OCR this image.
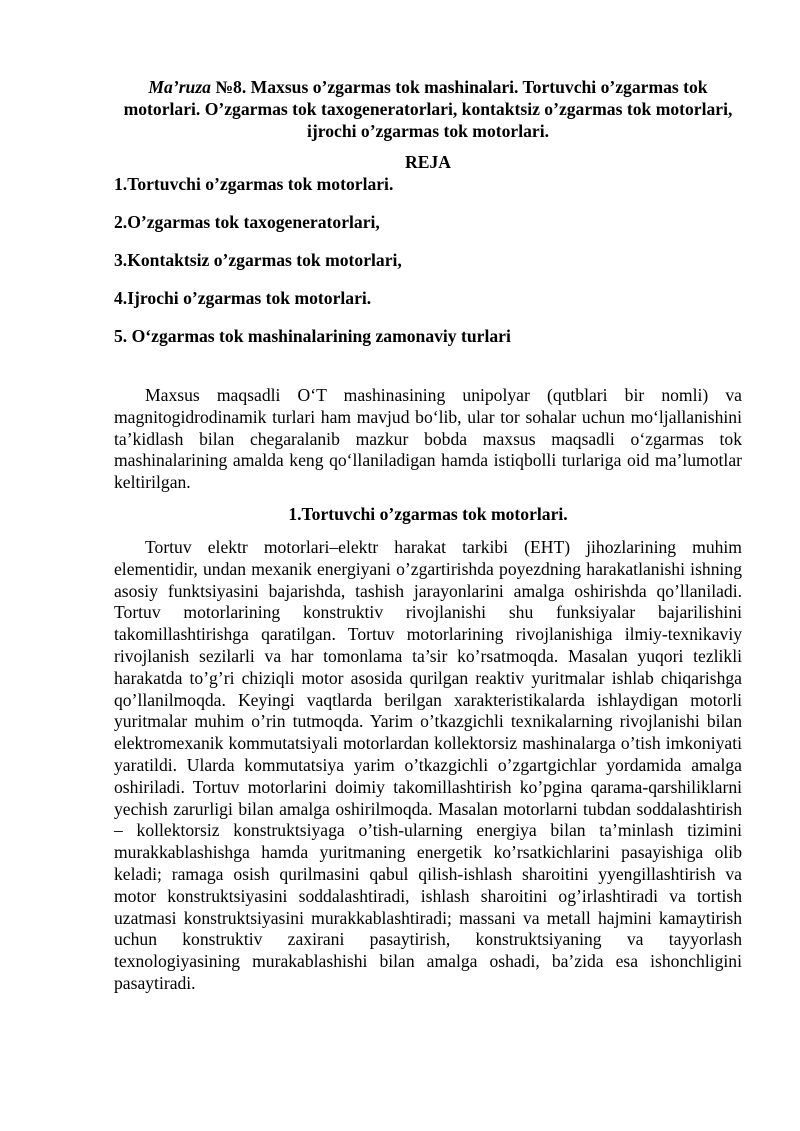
Ma’ruza №8. Maxsus o’zgarmas tok mashinalari. Tortuvchi o’zgarmas tok motorlari. O’zgarmas tok taxogeneratorlari, kontaktsiz o’zgarmas tok motorlari, ijrochi o’zgarmas tok motorlari.

REJA

1.Tortuvchi o’zgarmas tok motorlari.
2.O’zgarmas tok taxogeneratorlari,
3.Kontaktsiz o’zgarmas tok motorlari,
4.Ijrochi o’zgarmas tok motorlari.
5. O‘zgarmas tok mashinalarining zamonaviy turlari

Maxsus maqsadli O‘T mashinasining unipolyar (qutblari bir nomli) va magnitogidrodinamik turlari ham mavjud bo‘lib, ular tor sohalar uchun mo‘ljallanishini ta’kidlash bilan chegaralanib mazkur bobda maxsus maqsadli o‘zgarmas tok mashinalarining amalda keng qo‘llaniladigan hamda istiqbolli turlariga oid ma’lumotlar keltirilgan.

1.Tortuvchi o’zgarmas tok motorlari.

Tortuv elektr motorlari–elektr harakat tarkibi (EHT) jihozlarining muhim elementidir, undan mexanik energiyani o’zgartirishda poyezdning harakatlanishi ishning asosiy funktsiyasini bajarishda, tashish jarayonlarini amalga oshirishda qo’llaniladi. Tortuv motorlarining konstruktiv rivojlanishi shu funksiyalar bajarilishini takomillashtirishga qaratilgan. Tortuv motorlarining rivojlanishiga ilmiy-texnikaviy rivojlanish sezilarli va har tomonlama ta’sir ko’rsatmoqda. Masalan yuqori tezlikli harakatda to’g’ri chiziqli motor asosida qurilgan reaktiv yuritmalar ishlab chiqarishga qo’llanilmoqda. Keyingi vaqtlarda berilgan xarakteristikalarda ishlaydigan motorli yuritmalar muhim o’rin tutmoqda. Yarim o’tkazgichli texnikalarning rivojlanishi bilan elektromexanik kommutatsiyali motorlardan kollektorsiz mashinalarga o’tish imkoniyati yaratildi. Ularda kommutatsiya yarim o’tkazgichli o’zgartgichlar yordamida amalga oshiriladi. Tortuv motorlarini doimiy takomillashtirish ko’pgina qarama-qarshiliklarni yechish zarurligi bilan amalga oshirilmoqda. Masalan motorlarni tubdan soddalashtirish – kollektorsiz konstruktsiyaga o’tish-ularning energiya bilan ta’minlash tizimini murakkablashishga hamda yuritmaning energetik ko’rsatkichlarini pasayishiga olib keladi; ramaga osish qurilmasini qabul qilish-ishlash sharoitini yyengillashtirish va motor konstruktsiyasini soddalashtiradi, ishlash sharoitini og’irlashtiradi va tortish uzatmasi konstruktsiyasini murakkablashtiradi; massani va metall hajmini kamaytirish uchun konstruktiv zaxirani pasaytirish, konstruktsiyaning va tayyorlash texnologiyasining murakablashishi bilan amalga oshadi, ba’zida esa ishonchligini pasaytiradi.
